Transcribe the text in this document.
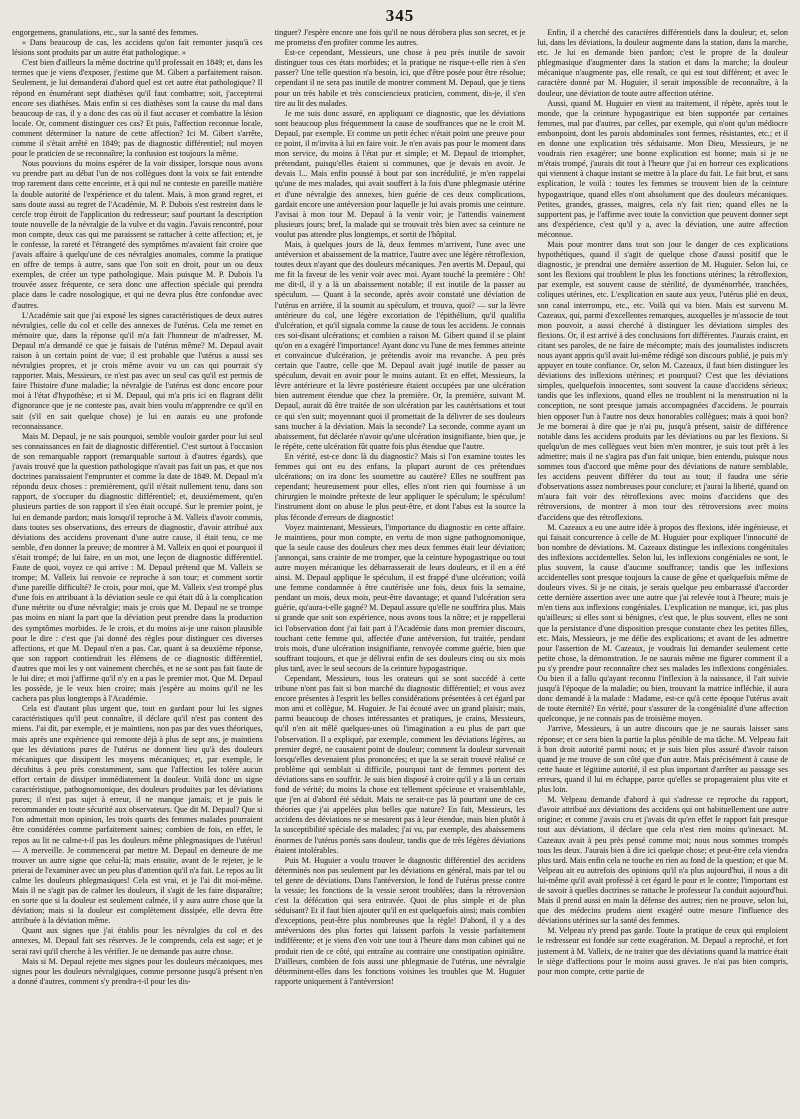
345

engorgemens, granulations, etc., sur la santé des femmes.

« Dans beaucoup de cas, les accidens qu'on fait remonter jusqu'à ces lésions sont produits par un autre état pathologique. »

C'est bien d'ailleurs la même doctrine qu'il professait en 1849; et, dans les termes que je viens d'exposer, j'estime que M. Gibert a parfaitement raison. Seulement, je lui demanderai d'abord quel est cet autre état pathologique? Il répond en énumérant sept diathèses qu'il faut combattre; soit, j'accepterai encore ses diathèses. Mais enfin si ces diathèses sont la cause du mal dans beaucoup de cas, il y a donc des cas où il faut accuser et combattre la lésion locale. Or, comment distinguer ces cas? Et puis, l'affection reconnue locale, comment déterminer la nature de cette affection? Ici M. Gibert s'arrête, comme il s'était arrêté en 1849; pas de diagnostic différentiel; nul moyen pour le praticien de se reconnaître; la confusion est toujours la même.

Nous pouvions du moins espérer de la voir dissiper, lorsque nous avons vu prendre part au débat l'un de nos collègues dont la voix se fait entendre trop rarement dans cette enceinte, et à qui nul ne conteste en pareille matière la double autorité de l'expérience et du talent. Mais, à mon grand regret, et sans doute aussi au regret de l'Académie, M. P. Dubois s'est restreint dans le cercle trop étroit de l'application du redresseur; sauf pourtant la description toute nouvelle de la névralgie de la vulve et du vagin. J'avais rencontré, pour mon compte, deux cas qui me paraissent se rattacher à cette affection; et, je le confesse, la rareté et l'étrangeté des symptômes m'avaient fait croire que j'avais affaire à quelqu'une de ces névralgies anomales, comme la pratique en offre de temps à autre, sans que l'on soit en droit, pour un ou deux exemples, de créer un type pathologique. Mais puisque M. P. Dubois l'a trouvée assez fréquente, ce sera donc une affection spéciale qui prendra place dans le cadre nosologique, et qui ne devra plus être confondue avec d'autres.

L'Académie sait que j'ai exposé les signes caractéristiques de deux autres névralgies, celle du col et celle des annexes de l'utérus. Cela me remet en mémoire que, dans la réponse qu'il m'a fait l'honneur de m'adresser, M. Depaul m'a demandé ce que je faisais de l'utérus même? M. Depaul avait raison à un certain point de vue; il est probable que l'utérus a aussi ses névralgies propres, et je crois même avoir vu un cas qui pourrait s'y rapporter. Mais, Messieurs, ce n'est pas avec un seul cas qu'il est permis de faire l'histoire d'une maladie; la névralgie de l'utérus est donc encore pour moi à l'état d'hypothèse; et si M. Depaul, qui m'a pris ici en flagrant délit d'ignorance que je ne conteste pas, avait bien voulu m'apprendre ce qu'il en sait (s'il en sait quelque chose) je lui en aurais eu une profonde reconnaissance.

Mais M. Depaul, je ne sais pourquoi, semble vouloir garder pour lui seul ses connaissances en fait de diagnostic différentiel. C'est surtout à l'occasion de son remarquable rapport (remarquable surtout à d'autres égards), que j'avais trouvé que la question pathologique n'avait pas fait un pas, et que nos doctrines paraissaient l'emprunter et comme la date de 1849. M. Depaul m'a répondu deux choses : premièrement, qu'il n'était nullement tenu, dans son rapport, de s'occuper du diagnostic différentiel; et, deuxièmement, qu'en plusieurs parties de son rapport il s'en était occupé. Sur le premier point, je lui en demande pardon; mais lorsqu'il reproche à M. Valleix d'avoir commis, dans toutes ses observations, des erreurs de diagnostic, d'avoir attribué aux déviations des accidens provenant d'une autre cause, il était tenu, ce me semble, d'en donner la preuve; de montrer à M. Valleix en quoi et pourquoi il s'était trompé; de lui faire, en un mot, une leçon de diagnostic différentiel. Faute de quoi, voyez ce qui arrive : M. Depaul prétend que M. Valleix se trompe; M. Valleix lui renvoie ce reproche à son tour; et comment sortir d'une pareille difficulté? Je crois, pour moi, que M. Valleix s'est trompé plus d'une fois en attribuant à la déviation seule ce qui était dû à la complication d'une métrite ou d'une névralgie; mais je crois que M. Depaul ne se trompe pas moins en niant la part que la déviation peut prendre dans la production des symptômes morbides. Je le crois, et du moins ai-je une raison plausible pour le dire : c'est que j'ai donné des règles pour distinguer ces diverses affections, et que M. Depaul n'en a pas. Car, quant à sa deuxième réponse, que son rapport contiendrait les élémens de ce diagnostic différentiel, d'autres que moi les y ont vainement cherchés, et ne se sont pas fait faute de le lui dire; et moi j'affirme qu'il n'y en a pas le premier mot. Que M. Depaul les possède, je le veux bien croire; mais j'espère au moins qu'il ne les cachera pas plus longtemps à l'Académie.

Cela est d'autant plus urgent que, tout en gardant pour lui les signes caractéristiques qu'il peut connaître, il déclare qu'il n'est pas content des miens. J'ai dit, par exemple, et je maintiens, non pas par des vues théoriques, mais après une expérience qui remonte déjà à plus de sept ans, je maintiens que les déviations pures de l'utérus ne donnent lieu qu'à des douleurs mécaniques que dissipent les moyens mécaniques; et, par exemple, le décubitus à peu près constamment, sans que l'affection les tolère aucun effort certain de dissiper immédiatement la douleur. Voilà donc un signe caractéristique, pathognomonique, des douleurs produites par les déviations pures; il n'est pas sujet à erreur, il ne manque jamais; et je puis le recommander en toute sécurité aux observateurs. Que dit M. Depaul? Que si l'on admettait mon opinion, les trois quarts des femmes malades pourraient être considérées comme parfaitement saines; combien de fois, en effet, le repos au lit ne calme-t-il pas les douleurs même phlegmasiques de l'utérus! — A merveille. Je commencerai par mettre M. Depaul en demeure de me trouver un autre signe que celui-là; mais ensuite, avant de le rejeter, je le prierai de l'examiner avec un peu plus d'attention qu'il n'a fait. Le repos au lit calme les douleurs phlegmasiques! Cela est vrai, et je l'ai dit moi-même. Mais il ne s'agit pas de calmer les douleurs, il s'agit de les faire disparaître; en sorte que si la douleur est seulement calmée, il y aura autre chose que la déviation; mais si la douleur est complètement dissipée, elle devra être attribuée à la déviation même.

Quant aux signes que j'ai établis pour les névralgies du col et des annexes, M. Depaul fait ses réserves. Je le comprends, cela est sage; et je serai ravi qu'il cherche à les vérifier. Je ne demande pas autre chose.

Mais si M. Depaul rejette mes signes pour les douleurs mécaniques, mes signes pour les douleurs névralgiques, comme personne jusqu'à présent n'en a donné d'autres, comment s'y prendra-t-il pour les dis-

tinguer? J'espère encore une fois qu'il ne nous dérobera plus son secret, et je me prometss d'en profiter comme les autres.

Est-ce cependant, Messieurs, une chose à peu près inutile de savoir distinguer tous ces états morbides; et la pratique ne risque-t-elle rien à s'en passer? Une telle question n'a besoin, ici, que d'être posée pour être résolue; cependant il ne sera pas inutile de montrer comment M. Depaul, que je tiens pour un très habile et très consciencieux praticien, comment, dis-je, il s'en tire au lit des malades.

Je me suis donc assuré, en appliquant ce diagnostic, que les déviations sont beaucoup plus fréquemment la cause de souffrances que ne le croit M. Depaul, par exemple. Et comme un petit échec n'était point une preuve pour ce point, il m'invita à lui en faire voir. Je n'en avais pas pour le moment dans mon service, du moins à l'état pur et simple; et M. Depaul de triompher, prétendant, puisqu'elles étaient si communes, que je devais en avoir. Je devais l... Mais enfin poussé à bout par son incrédulité, je m'en rappelai qu'une de mes malades, qui avait souffert à la fois d'une phlegmasie utérine et d'une névralgie des annexes, bien guérie de ces deux complications, gardait encore une antéversion pour laquelle je lui avais promis une ceinture. J'avisai à mon tour M. Depaul à la venir voir; je l'attendis vainement plusieurs jours; bref, la malade qui se trouvait très bien avec sa ceinture ne voulut pas attendre plus longtemps, et sortit de l'hôpital.

Mais, à quelques jours de là, deux femmes m'arrivent, l'une avec une antéversion et abaissement de la matrice, l'autre avec une légère rétroflexion, toutes deux n'ayant que des douleurs mécaniques. J'en avertis M. Depaul, qui me fit la faveur de les venir voir avec moi. Ayant touché la première : Oh! me dit-il, il y a là un abaissement notable; il est inutile de la passer au spéculum. — Quant à la seconde, après avoir constaté une déviation de l'utérus en arrière, il la soumit au spéculum, et trouva, quoi? — sur la lèvre antérieure du col, une légère excoriation de l'épithélium, qu'il qualifia d'ulcération, et qu'il signala comme la cause de tous les accidens. Je connais ces soi-disant ulcérations; et combien a raison M. Gibert quand il se plaint qu'on en a exagéré l'importance! Ayant donc vu l'une de mes femmes atteinte et convaincue d'ulcération, je prétendis avoir ma revanche. A peu près certain que l'autre, celle que M. Depaul avait jugé inutile de passer au spéculum, devait en avoir pour le moins autant. Et en effet, Messieurs, la lèvre antérieure et la lèvre postérieure étaient occupées par une ulcération bien autrement étendue que chez la première. Or, la première, suivant M. Depaul, aurait dû être traitée de son ulcération par les cautérisations et tout ce qui s'en suit; moyennant quoi il promettait de la délivrer de ses douleurs sans toucher à la déviation. Mais la seconde? La seconde, comme ayant un abaissement, fut déclarée n'avoir qu'une ulcération insignifiante, bien que, je le répète, cette ulcération fût quatre fois plus étendue que l'autre.

En vérité, est-ce donc là du diagnostic? Mais si l'on examine toutes les femmes qui ont eu des enfans, la plupart auront de ces prétendues ulcérations; on ira donc les soumettre au cautère? Elles ne souffrent pas cependant; heureusement pour elles, elles n'ont rien qui fournisse à un chirurgien le moindre prétexte de leur appliquer le spéculum; le spéculum! l'instrument dont on abuse le plus peut-être, et dont l'abus est la source la plus féconde d'erreurs de diagnostic!

Voyez maintenant, Messieurs, l'importance du diagnostic en cette affaire. Je maintiens, pour mon compte, en vertu de mon signe pathognomonique, que la seule cause des douleurs chez mes deux femmes était leur déviation; j'annonçai, sans crainte de me tromper, que la ceinture hypogastrique ou tout autre moyen mécanique les débarrasserait de leurs douleurs, et il en a été ainsi. M. Depaul applique le spéculum, il est frappé d'une ulcération; voilà une femme condamnée à être cautérisée une fois, deux fois la semaine, pendant un mois, deux mois, peut-être davantage; et quand l'ulcération sera guérie, qu'aura-t-elle gagné? M. Depaul assure qu'elle ne souffrira plus. Mais si grande que soit son expérience, nous avons tous la nôtre; et je rappellerai ici l'observation dont j'ai fait part à l'Académie dans mon premier discours, touchant cette femme qui, affectée d'une antéversion, fut traitée, pendant trois mois, d'une ulcération insignifiante, renvoyée comme guérie, bien que souffrant toujours, et que je délivrai enfin de ses douleurs cinq ou six mois plus tard, avec le seul secours de la ceinture hypogastrique.

Cependant, Messieurs, tous les orateurs qui se sont succédé à cette tribune n'ont pas fait si bon marché du diagnostic différentiel; et vous avez encore présentes à l'esprit les belles considérations présentées à cet égard par mon ami et collègue, M. Huguier. Je l'ai écouté avec un grand plaisir; mais, parmi beaucoup de choses intéressantes et pratiques, je crains, Messieurs, qu'il n'en ait mêlé quelques-unes où l'imagination a eu plus de part que l'observation. Il a expliqué, par exemple, comment les déviations légères, au premier degré, ne causaient point de douleur; comment la douleur survenait lorsqu'elles devenaient plus prononcées; et que la se serait trouvé réalisé ce problème qui semblait si difficile, pourquoi tant de femmes portent des déviations sans en souffrir. Je suis bien disposé à croire qu'il y a là un certain fond de vérité; du moins la chose est tellement spécieuse et vraisemblable, que j'en ai d'abord été séduit. Mais ne serait-ce pas là pourtant une de ces théories que j'ai appelées plus belles que nature? En fait, Messieurs, les accidens des déviations ne se mesurent pas à leur étendue, mais bien plutôt à la susceptibilité spéciale des malades; j'ai vu, par exemple, des abaissemens énormes de l'utérus portés sans douleur, tandis que de très légères déviations étaient intolérables.

Puis M. Huguier a voulu trouver le diagnostic différentiel des accidens déterminés non pas seulement par les déviations en général, mais par tel ou tel genre de déviations. Dans l'antéversion, le fond de l'utérus presse contre la vessie; les fonctions de la vessie seront troublées; dans la rétroversion c'est la défécation qui sera entravée. Quoi de plus simple et de plus séduisant? Et il faut bien ajouter qu'il en est quelquefois ainsi; mais combien d'exceptions, peut-être plus nombreuses que la règle! D'abord, il y a des antéversions des plus fortes qui laissent parfois la vessie parfaitement indifférente; et je viens d'en voir une tout à l'heure dans mon cabinet qui ne produit rien de ce côté, qui entraîne au contraire une constipation opiniâtre. D'ailleurs, combien de fois aussi une phlegmasie de l'utérus, une névralgie déterminent-elles dans les fonctions voisines les troubles que M. Huguier rapporte uniquement à l'antéversion!

Enfin, il a cherché des caractères différentiels dans la douleur; et, selon lui, dans les déviations, la douleur augmente dans la station, dans la marche, etc. Je lui en demande bien pardon; c'est le propre de la douleur phlegmasique d'augmenter dans la station et dans la marche; la douleur mécanique n'augmente pas, elle renaît, ce qui est tout différent; et avec le caractère donné par M. Huguier, il serait impossible de reconnaître, à la douleur, une déviation de toute autre affection utérine.

Aussi, quand M. Huguier en vient au traitement, il répète, après tout le monde, que la ceinture hypogastrique est bien supportée par certaines femmes, mal par d'autres, par celles, par exemple, qui n'ont qu'un médiocre embonpoint, dont les parois abdominales sont fermes, résistantes, etc.; et il en donne une explication très séduisante. Mon Dieu, Messieurs, je ne voudrais rien exagérer; une bonne explication est bonne; mais si je ne m'étais trompé, j'aurais dit tout à l'heure que j'ai en horreur ces explications qui viennent à chaque instant se mettre à la place du fait. Le fait brut, et sans explication, le voilà : toutes les femmes se trouvent bien de la ceinture hypogastrique, quand elles n'ont absolument que des douleurs mécaniques. Petites, grandes, grasses, maigres, cela n'y fait rien; quand elles ne la supportent pas, je l'affirme avec toute la conviction que peuvent donner sept ans d'expérience, c'est qu'il y a, avec la déviation, une autre affection méconnue.

Mais pour montrer dans tout son jour le danger de ces explications hypothétiques, quand il s'agit de quelque chose d'aussi positif que le diagnostic, je prendrai une dernière assertion de M. Huguier. Selon lui, ce sont les flexions qui troublent le plus les fonctions utérines; la rétroflexion, par exemple, est souvent cause de stérilité, de dysménorrhée, tranchées, coliques utérines, etc. L'explication en saute aux yeux, l'utérus plié en deux, son canal interrompu, etc., etc. Voilà qui va bien. Mais est survenu M. Cazeaux, qui, parmi d'excellentes remarques, auxquelles je m'associe de tout mon pouvoir, a aussi cherché à distinguer les déviations simples des flexions. Or, il est arrivé à des conclusions fort différentes. J'aurais craint, en citant ses paroles, de ne faire de mécompte; mais des journalistes indiscrets nous ayant appris qu'il avait lui-même rédigé son discours publié, je puis m'y appuyer en toute confiance. Or, selon M. Cazeaux, il faut bien distinguer les déviations des inflexions utérines; et pourquoi? C'est que les déviations simples, quelquefois innocentes, sont souvent la cause d'accidens sérieux; tandis que les inflexions, quand elles ne troublent ni la menstruation ni la conception, ne sont presque jamais accompagnées d'accidens. Je pourrais bien opposer l'un à l'autre nos deux honorables collègues; mais à quoi bon? Je me bornerai à dire que je n'ai pu, jusqu'à présent, saisir de différence notable dans les accidens produits par les déviations ou par les flexions. Si quelqu'un de mes collègues veut bien m'en montrer, je suis tout prêt à les admettre; mais il ne s'agira pas d'un fait unique, bien entendu, puisque nous sommes tous d'accord que même pour des déviations de nature semblable, les accidens peuvent différer du tout au tout; il faudra une série d'observations assez nombreuses pour conclure; et j'aurai la liberté, quand on m'aura fait voir des rétroflexions avec moins d'accidens que des rétroversions, de montrer à mon tour des rétroversions avec moins d'accidens que des rétroflexions.

M. Cazeaux a eu une autre idée à propos des flexions, idée ingénieuse, et qui faisait concurrence à celle de M. Huguier pour expliquer l'innocuité de bon nombre de déviations. M. Cazeaux distingue les inflexions congénitales des inflexions accidentelles. Selon lui, les inflexions congéniales ne sont, le plus souvent, la cause d'aucune souffrance; tandis que les inflexions accidentelles sont presque toujours la cause de gêne et quelquefois même de douleurs vives. Si je ne citais, je serais quelque peu embarrassé d'accorder cette dernière assertion avec une autre que j'ai relevée tout à l'heure; mais je m'en tiens aux inflexions congéniales. L'explication ne manque, ici, pas plus qu'ailleurs; si elles sont si bénignes, c'est que, le plus souvent, elles ne sont que la persistance d'une disposition presque constante chez les petites filles, etc. Mais, Messieurs, je me défie des explications; et avant de les admettre pour l'assertion de M. Cazeaux, je voudrais lui demander seulement cette petite chose, la démonstration. Je ne saurais même me figurer comment il a pu s'y prendre pour reconnaître chez ses malades les inflexions congéniales. Ou bien il a fallu qu'ayant reconnu l'inflexion à la naissance, il l'ait suivie jusqu'à l'époque de la maladie; ou bien, trouvant la matrice infléchie, il aura donc demandé à la malade : Madame, est-ce qu'à cette époque l'utérus avait de toute éternité? En vérité, pour s'assurer de la congénialité d'une affection quelconque, je ne connais pas de troisième moyen.

J'arrive, Messieurs, à un autre discours que je ne saurais laisser sans réponse; et ce sera bien la partie la plus pénible de ma tâche. M. Velpeau fait à bon droit autorité parmi nous; et je suis bien plus assuré d'avoir raison quand je me trouve de son côté que d'un autre. Mais précisément à cause de cette haute et légitime autorité, il est plus important d'arrêter au passage ses erreurs, quand il lui en échappe, parce qu'elles se propageraient plus vite et plus loin.

M. Velpeau demande d'abord à qui s'adresse ce reproche du rapport, d'avoir attribué aux déviations des accidens qui ont habituellement une autre origine; et comme j'avais cru et j'avais dit qu'en effet le rapport fait presque tout aux déviations, il déclare que cela n'est rien moins qu'inexact. M. Cazeaux avait à peu près pensé comme moi; nous nous sommes trompés tous les deux. J'aurais bien à dire ici quelque chose; et peut-être cela viendra plus tard. Mais enfin cela ne touche en rien au fond de la question; et que M. Velpeau ait eu autrefois des opinions qu'il n'a plus aujourd'hui, il nous a dit lui-même qu'il avait professé à cet égard le pour et le contre; l'important est de savoir à quelles doctrines se rattache le professeur l'a conduit aujourd'hui. Mais il prend aussi en main la défense des autres; rien ne prouve, selon lui, que des médecins prudens aient exagéré outre mesure l'influence des déviations utérines sur la santé des femmes.

M. Velpeau n'y prend pas garde. Toute la pratique de ceux qui emploient le redresseur est fondée sur cette exagération. M. Depaul a reproché, et fort justement à M. Valleix, de ne traiter que des déviations quand la matrice était le siège d'affections pour le moins aussi graves. Je n'ai pas bien compris, pour mon compte, cette partie de
